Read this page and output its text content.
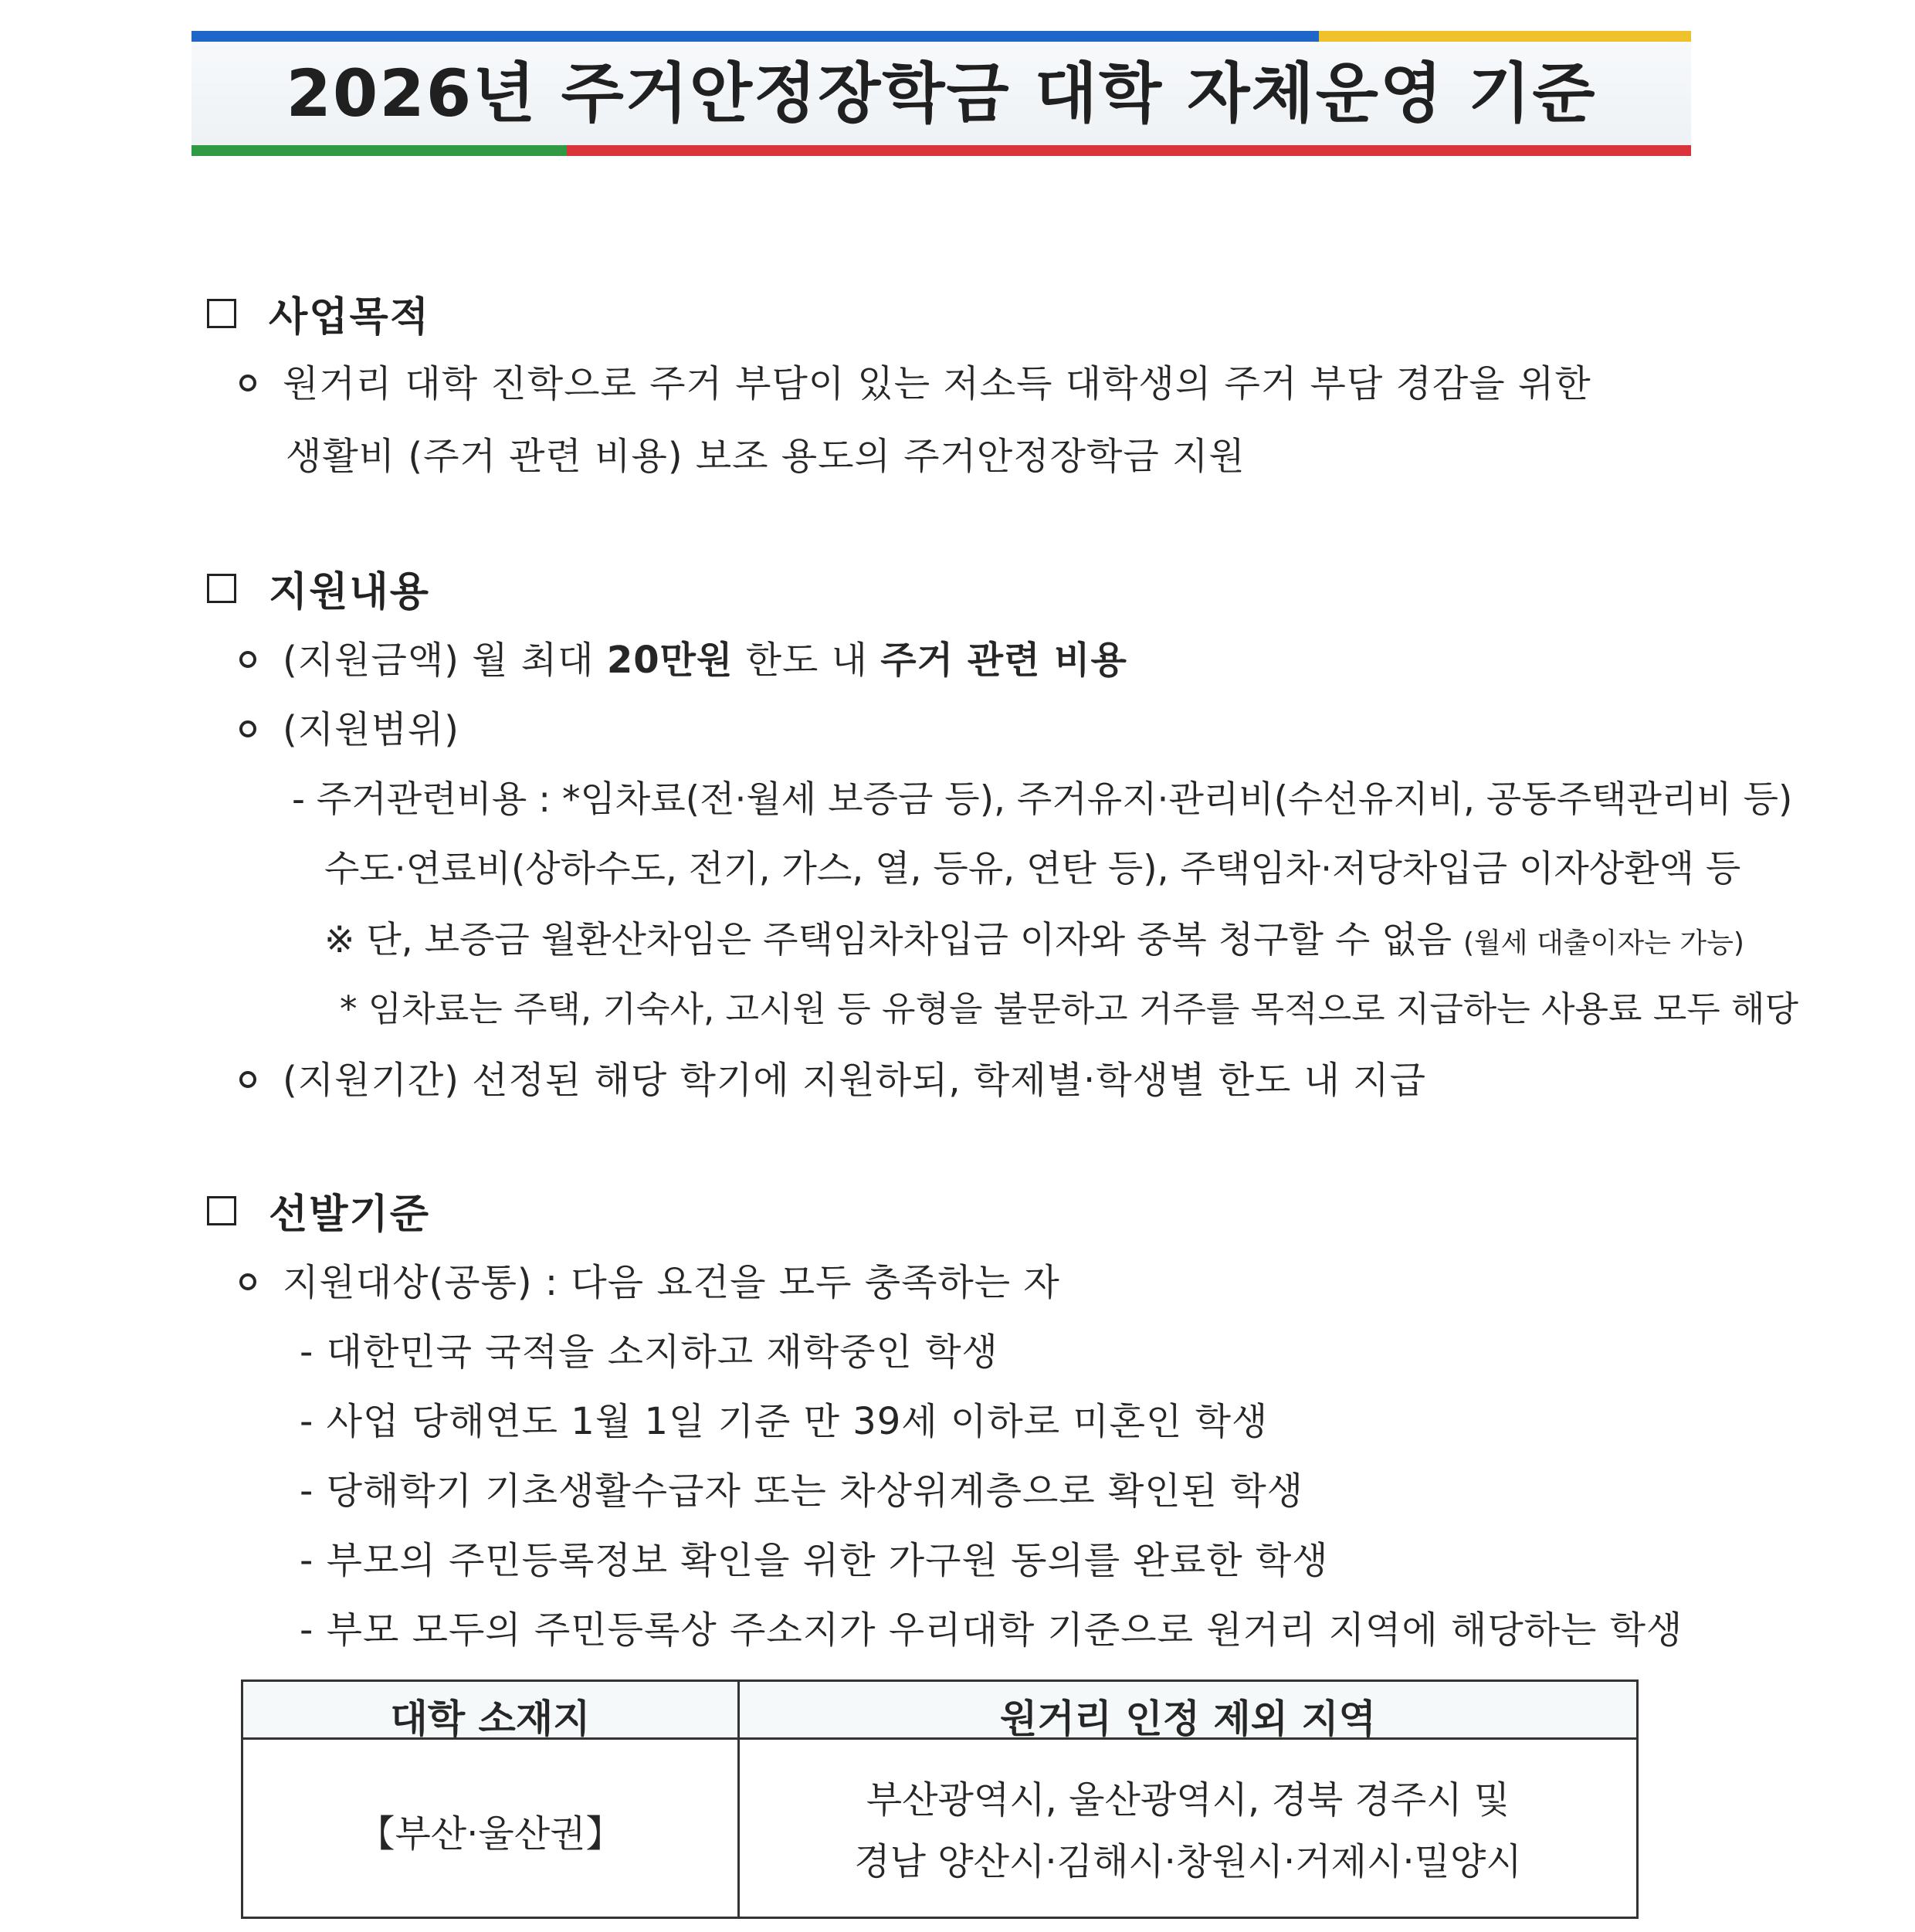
2026년 주거안정장학금 대학 자체운영 기준
사업목적
원거리 대학 진학으로 주거 부담이 있는 저소득 대학생의 주거 부담 경감을 위한
생활비 (주거 관련 비용) 보조 용도의 주거안정장학금 지원
지원내용
(지원금액) 월 최대 20만원 한도 내 주거 관련 비용
(지원범위)
- 주거관련비용 : *임차료(전·월세 보증금 등), 주거유지·관리비(수선유지비, 공동주택관리비 등)
수도·연료비(상하수도, 전기, 가스, 열, 등유, 연탄 등), 주택임차·저당차입금 이자상환액 등
※ 단, 보증금 월환산차임은 주택임차차입금 이자와 중복 청구할 수 없음 (월세 대출이자는 가능)
* 임차료는 주택, 기숙사, 고시원 등 유형을 불문하고 거주를 목적으로 지급하는 사용료 모두 해당
(지원기간) 선정된 해당 학기에 지원하되, 학제별·학생별 한도 내 지급
선발기준
지원대상(공통) : 다음 요건을 모두 충족하는 자
- 대한민국 국적을 소지하고 재학중인 학생
- 사업 당해연도 1월 1일 기준 만 39세 이하로 미혼인 학생
- 당해학기 기초생활수급자 또는 차상위계층으로 확인된 학생
- 부모의 주민등록정보 확인을 위한 가구원 동의를 완료한 학생
- 부모 모두의 주민등록상 주소지가 우리대학 기준으로 원거리 지역에 해당하는 학생
대학 소재지	원거리 인정 제외 지역
【부산·울산권】
부산광역시, 울산광역시, 경북 경주시 및
경남 양산시·김해시·창원시·거제시·밀양시
